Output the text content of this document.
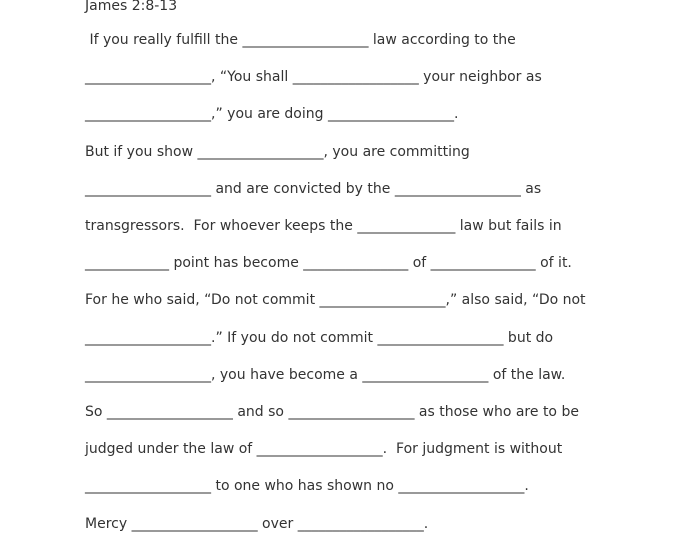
James 2:8-13

If you really fulfill the __________________ law according to the

__________________, “You shall __________________ your neighbor as

__________________,” you are doing __________________.

But if you show __________________, you are committing

__________________ and are convicted by the __________________ as

transgressors.  For whoever keeps the ______________ law but fails in

____________ point has become _______________ of _______________ of it.

For he who said, “Do not commit __________________,” also said, “Do not

__________________.” If you do not commit __________________ but do

__________________, you have become a __________________ of the law.

So __________________ and so __________________ as those who are to be

judged under the law of __________________.  For judgment is without

__________________ to one who has shown no __________________.

Mercy __________________ over __________________.
